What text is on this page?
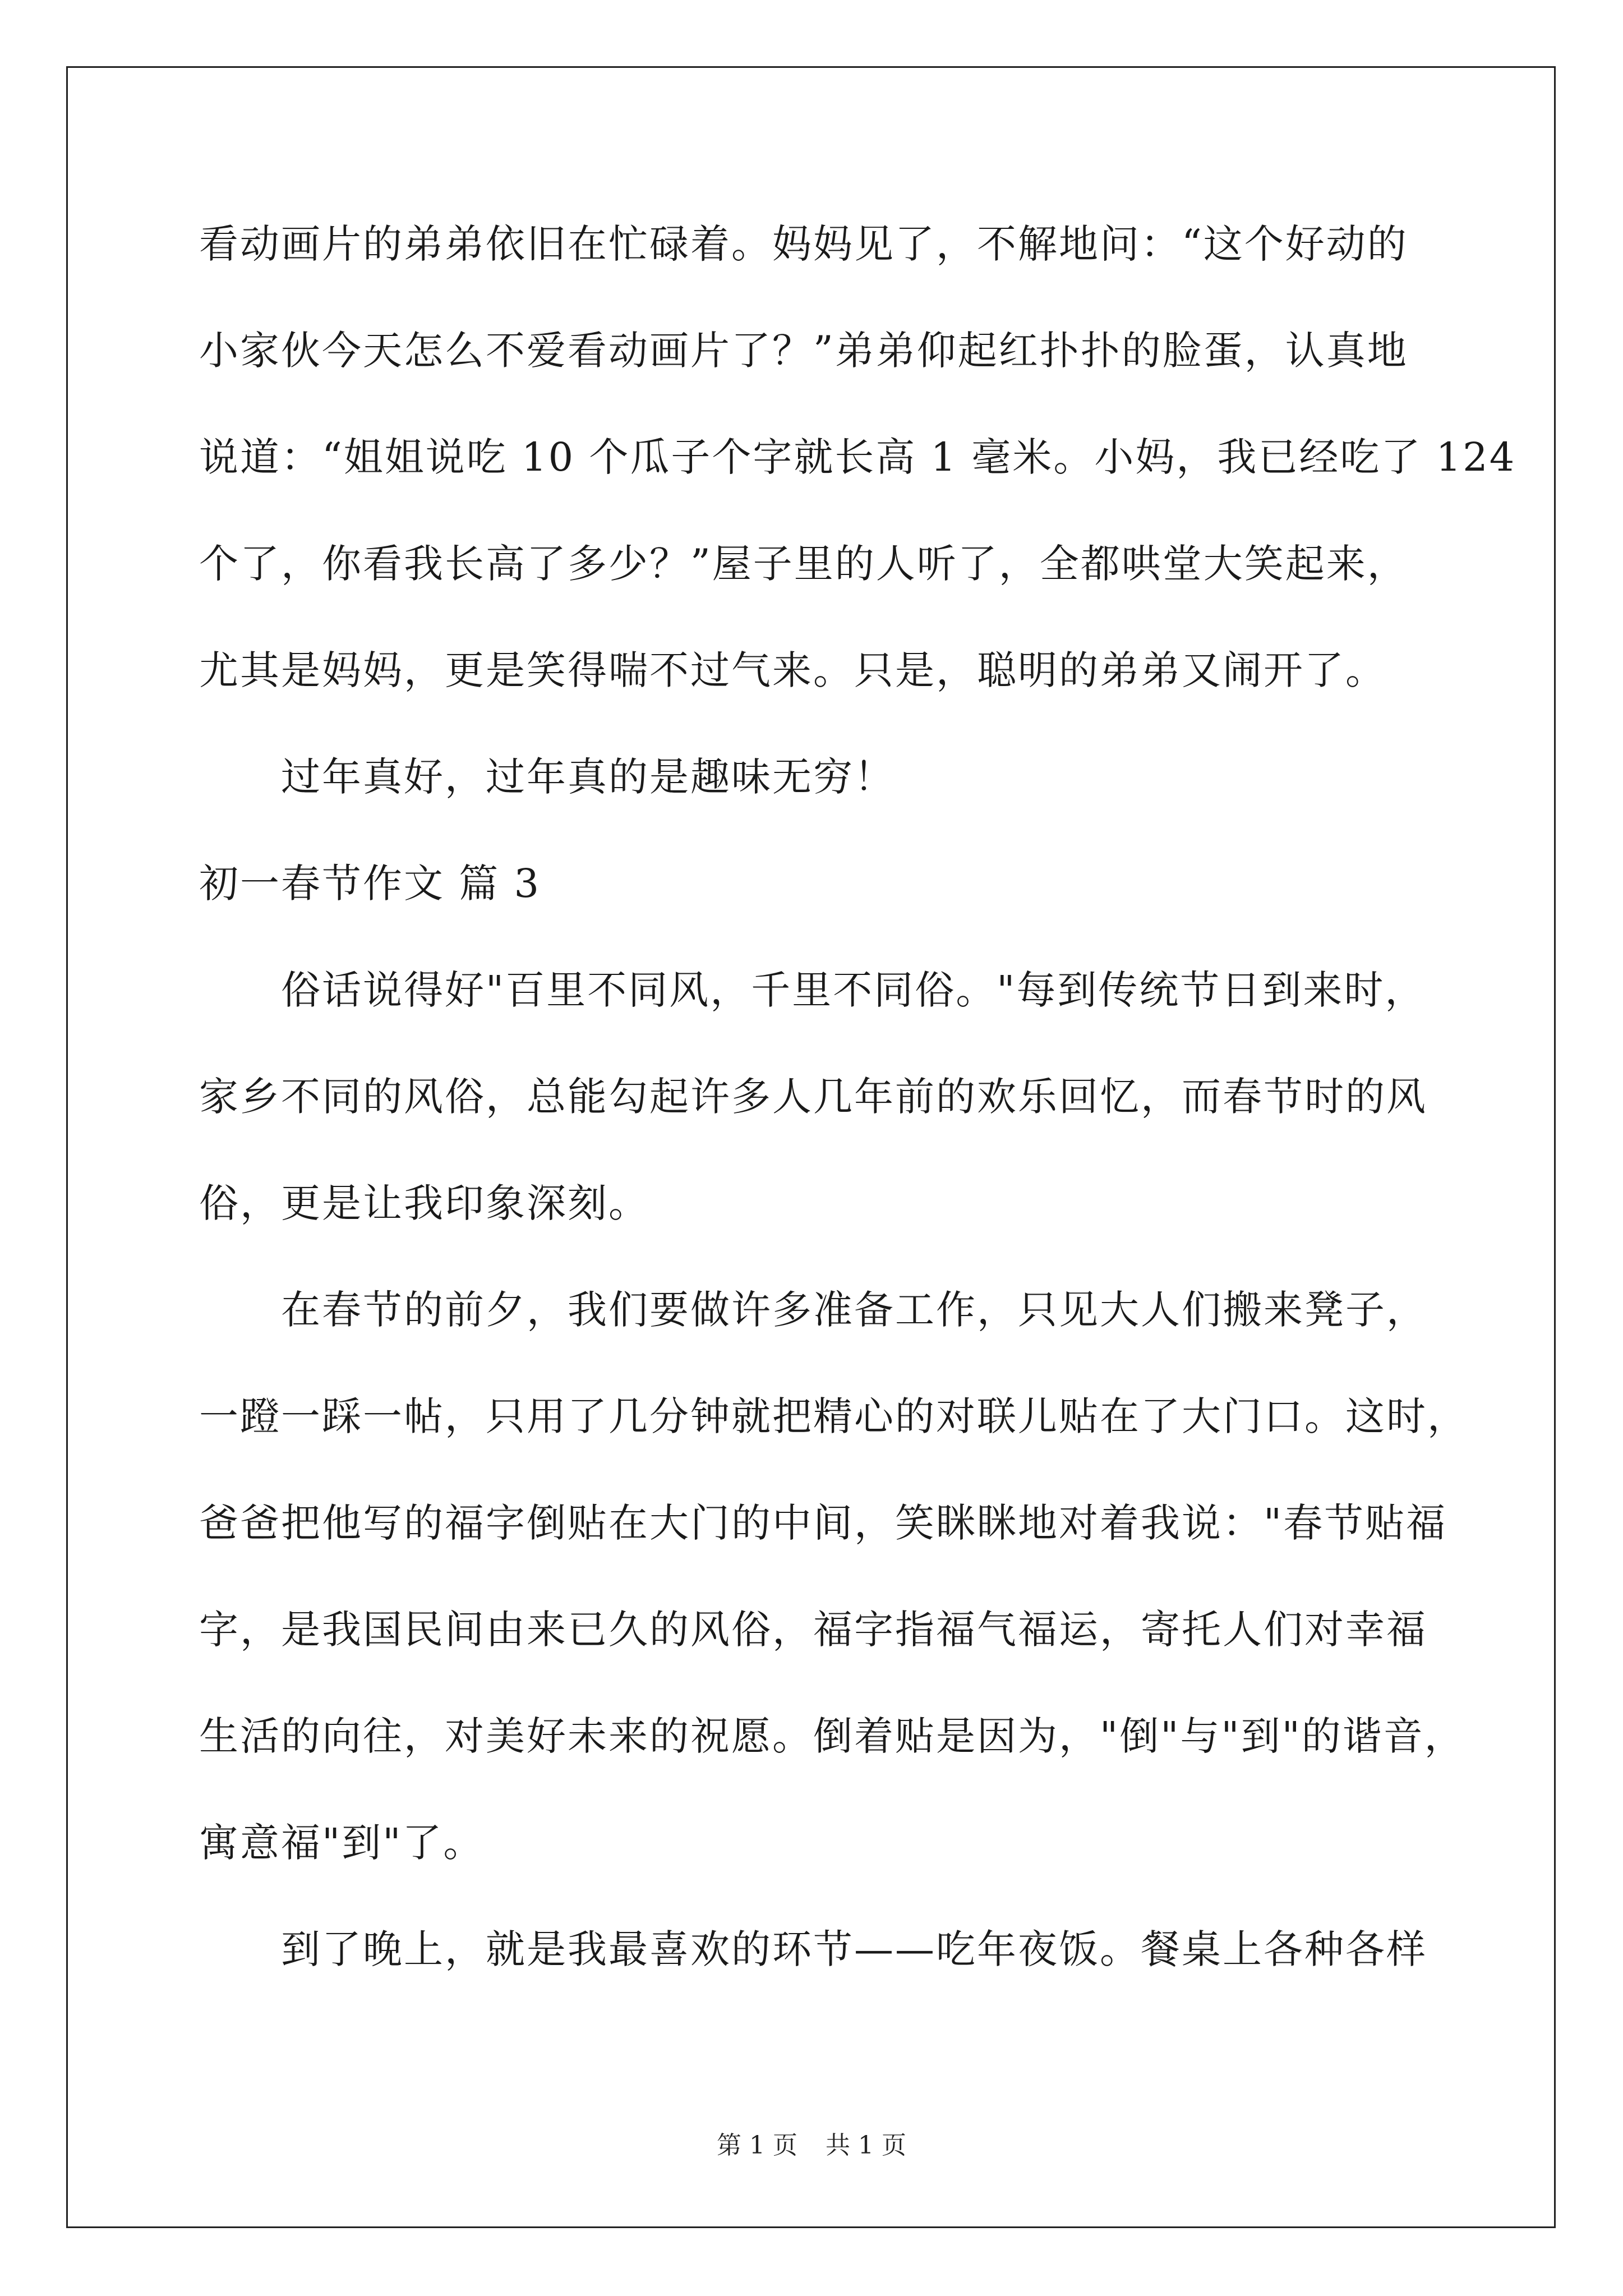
看动画片的弟弟依旧在忙碌着。妈妈见了，不解地问：“这个好动的
小家伙今天怎么不爱看动画片了？”弟弟仰起红扑扑的脸蛋，认真地
说道：“姐姐说吃 10 个瓜子个字就长高 1 毫米。小妈，我已经吃了 124
个了，你看我长高了多少？”屋子里的人听了，全都哄堂大笑起来，
尤其是妈妈，更是笑得喘不过气来。只是，聪明的弟弟又闹开了。
过年真好，过年真的是趣味无穷！
初一春节作文 篇 3
俗话说得好"百里不同风，千里不同俗。"每到传统节日到来时，
家乡不同的风俗，总能勾起许多人几年前的欢乐回忆，而春节时的风
俗，更是让我印象深刻。
在春节的前夕，我们要做许多准备工作，只见大人们搬来凳子，
一蹬一踩一帖，只用了几分钟就把精心的对联儿贴在了大门口。这时，
爸爸把他写的福字倒贴在大门的中间，笑眯眯地对着我说："春节贴福
字，是我国民间由来已久的风俗，福字指福气福运，寄托人们对幸福
生活的向往，对美好未来的祝愿。倒着贴是因为，"倒"与"到"的谐音，
寓意福"到"了。
到了晚上，就是我最喜欢的环节——吃年夜饭。餐桌上各种各样
第 1 页 共 1 页
